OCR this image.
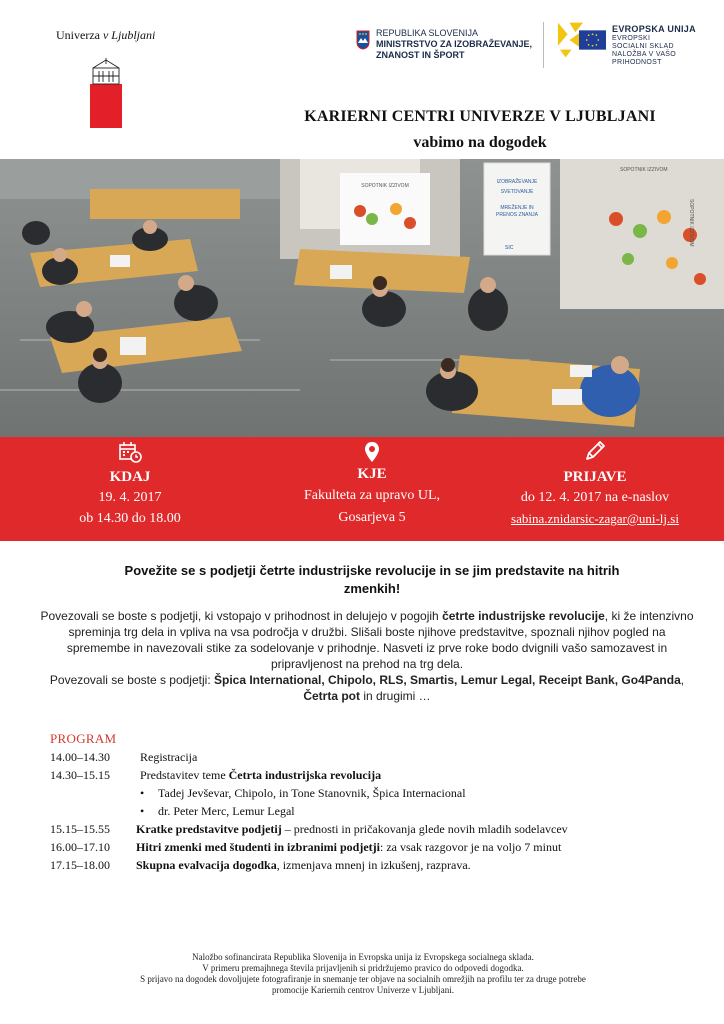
Univerza v Ljubljani	REPUBLIKA SLOVENIJA
MINISTRSTVO ZA IZOBRAŽEVANJE,
ZNANOST IN ŠPORT
EVROPSKA UNIJA
EVROPSKI
SOCIALNI SKLAD
NALOŽBA V VAŠO PRIHODNOST
KARIERNI CENTRI UNIVERZE V LJUBLJANI
vabimo na dogodek
IZOBRAŽEVANJE
SVETOVANJE
MREŽENJE IN
PRENOS ZNANJA
SIC
SOPOTNIK IZZIVOM
SOPOTNIK IZZIVOM
SOPOTNIK IZZIVOM
KDAJ
19. 4. 2017
ob 14.30 do 18.00
KJE
Fakulteta za upravo UL,
Gosarjeva 5
PRIJAVE
do 12. 4. 2017 na e-naslov
sabina.znidarsic-zagar@uni-lj.si
Povežite se s podjetji četrte industrijske revolucije in se jim predstavite na hitrih
zmenkih!

Povezovali se boste s podjetji, ki vstopajo v prihodnost in delujejo v pogojih četrte industrijske revolucije, ki že intenzivno spreminja trg dela in vpliva na vsa področja v družbi. Slišali boste njihove predstavitve, spoznali njihov pogled na spremembe in navezovali stike za sodelovanje v prihodnje. Nasveti iz prve roke bodo dvignili vašo samozavest in pripravljenost na prehod na trg dela.

Povezovali se boste s podjetji: Špica International, Chipolo, RLS, Smartis, Lemur Legal, Receipt Bank, Go4Panda, Četrta pot in drugimi …

PROGRAM
14.00–14.30	Registracija
14.30–15.15	Predstavitev teme Četrta industrijska revolucija
• Tadej Jevševar, Chipolo, in Tone Stanovnik, Špica Internacional
• dr. Peter Merc, Lemur Legal
15.15–15.55 Kratke predstavitve podjetij – prednosti in pričakovanja glede novih mladih sodelavcev
16.00–17.10 Hitri zmenki med študenti in izbranimi podjetji: za vsak razgovor je na voljo 7 minut
17.15–18.00 Skupna evalvacija dogodka, izmenjava mnenj in izkušenj, razprava.
Naložbo sofinancirata Republika Slovenija in Evropska unija iz Evropskega socialnega sklada.
V primeru premajhnega števila prijavljenih si pridržujemo pravico do odpovedi dogodka.
S prijavo na dogodek dovoljujete fotografiranje in snemanje ter objave na socialnih omrežjih na profilu ter za druge potrebe
promocije Kariernih centrov Univerze v Ljubljani.
